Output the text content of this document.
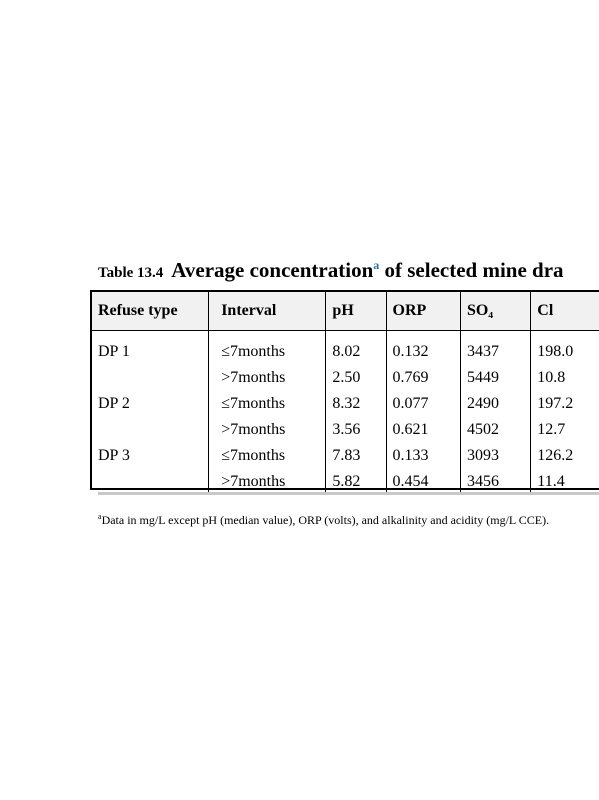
Table 13.4 Average concentration$^a$ of selected mine dra
Refuse type	Interval	pH	ORP	SO₄	Cl
DP 1	≤7months	8.02	0.132	3437	198.0
	>7months	2.50	0.769	5449	10.8
DP 2	≤7months	8.32	0.077	2490	197.2
	>7months	3.56	0.621	4502	12.7
DP 3	≤7months	7.83	0.133	3093	126.2
	>7months	5.82	0.454	3456	11.4
$^a$Data in mg/L except pH (median value), ORP (volts), and alkalinity and acidity (mg/L CCE).
